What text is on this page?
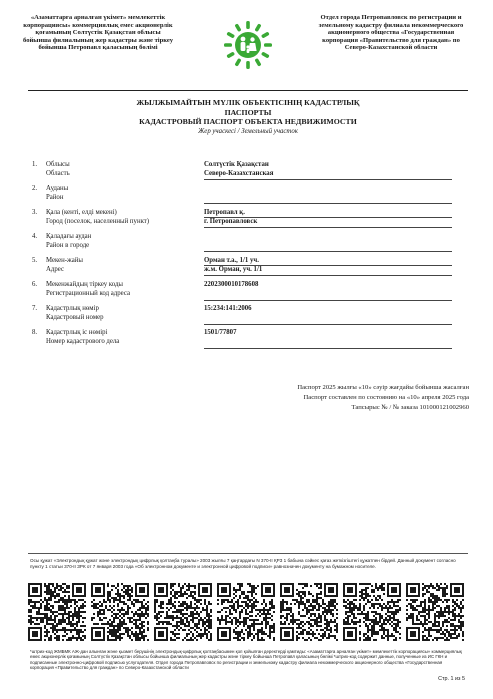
«Азаматтарға арналған үкімет» мемлекеттік корпорациясы» коммерциялық емес акционерлік қоғамының Солтүстік Қазақстан облысы бойынша филиалының жер кадастры және тіркеу бойынша Петропавл қаласының бөлімі
Отдел города Петропавловск по регистрации и земельному кадастру филиала некоммерческого акционерного общества «Государственная корпорация «Правительство для граждан» по Северо-Казахстанской области
ЖЫЛЖЫМАЙТЫН МҮЛІК ОБЪЕКТІСІНІҢ КАДАСТРЛЫҚ
ПАСПОРТЫ
КАДАСТРОВЫЙ ПАСПОРТ ОБЪЕКТА НЕДВИЖИМОСТИ
Жер учаскесі / Земельный участок
1. Облысы
Область
Солтүстік Қазақстан
Северо-Казахстанская
2. Ауданы
Район
3. Қала (кенті, елді мекені)
Город (поселок, населенный пункт)
Петропавл қ.
г. Петропавловск
4. Қаладағы аудан
Район в городе
5. Мекен-жайы
Адрес
Орман т.а., 1/1 уч.
ж.м. Орман, уч. 1/1
6. Мекенжайдың тіркеу коды
Регистрационный код адреса
2202300010178608
7. Кадастрлық нөмір
Кадастровый номер
15:234:141:2006
8. Кадастрлық іс нөмірі
Номер кадастрового дела
1501/77807
Паспорт 2025 жылғы «10» сәуір жағдайы бойынша жасалған
Паспорт составлен по состоянию на «10» апреля 2025 года
Тапсырыс № / № заказа 101000121002960
Осы құжат «Электрондық құжат және электрондық цифрлық қолтаңба туралы» 2003 жылғы 7 қаңтардағы N 370-II ҚРЗ 1 бабына сәйкес қағаз жеткізгіштегі құжатпен бірдей. Данный документ согласно пункту 1 статьи 370-II ЗРК от 7 января 2003 года «Об электронном документе и электронной цифровой подписи» равнозначен документу на бумажном носителе.
*штрих-код ЖМБМК АЖ-дан алынған және қызмет берушінің электрондық-цифрлық қолтаңбасымен қол қойылған деректерді қамтиды: «Азаматтарға арналған үкімет» мемлекеттік корпорациясы» коммерциялық емес акционерлік қоғамының Солтүстік Қазақстан облысы бойынша филиалының жер кадастры және тіркеу бойынша Петропавл қаласының бөлімі *штрих-код содержит данные, полученные из ИС ГКН и подписанные электронно-цифровой подписью услугодателя. Отдел города Петропавловск по регистрации и земельному кадастру филиала некоммерческого акционерного общества «Государственная корпорация «Правительство для граждан» по Северо-Казахстанской области
Стр. 1 из 5
